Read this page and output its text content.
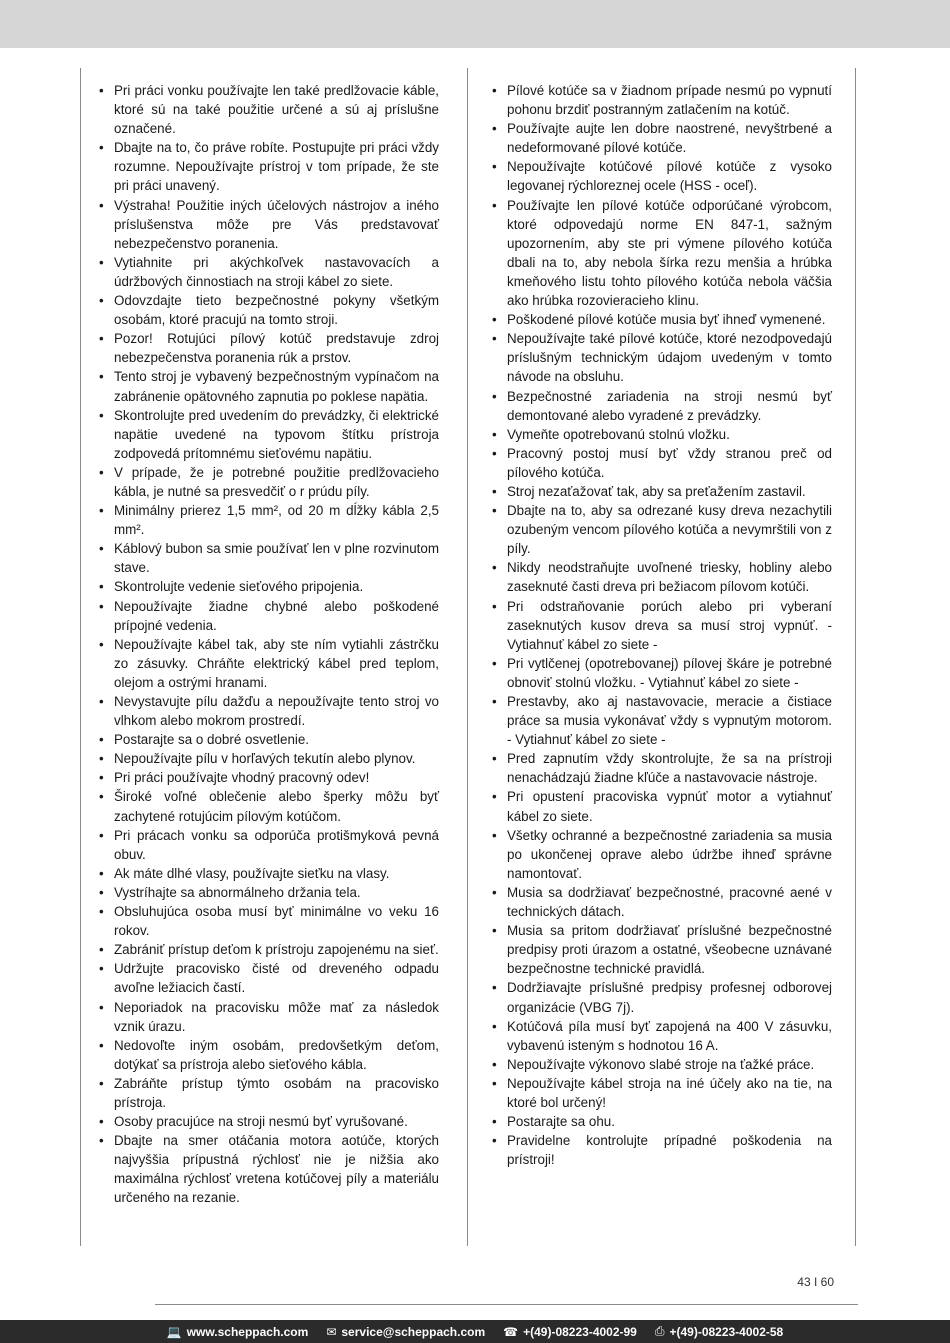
• Pri práci vonku používajte len také predlžovacie káble, ktoré sú na také použitie určené a sú aj príslušne označené.
• Dbajte na to, čo práve robíte. Postupujte pri práci vždy rozumne. Nepoužívajte prístroj v tom prípade, že ste pri práci unavený.
• Výstraha! Použitie iných účelových nástrojov a iného príslušenstva môže pre Vás predstavovať nebezpečenstvo poranenia.
• Vytiahnite pri akýchkoľvek nastavovacích a údržbových činnostiach na stroji kábel zo siete.
• Odovzdajte tieto bezpečnostné pokyny všetkým osobám, ktoré pracujú na tomto stroji.
• Pozor! Rotujúci pílový kotúč predstavuje zdroj nebezpečenstva poranenia rúk a prstov.
• Tento stroj je vybavený bezpečnostným vypínačom na zabránenie opätovného zapnutia po poklese napätia.
• Skontrolujte pred uvedením do prevádzky, či elektrické napätie uvedené na typovom štítku prístroja zodpovedá prítomnému sieťovému napätiu.
• V prípade, že je potrebné použitie predlžovacieho kábla, je nutné sa presvedčiť o r prúdu píly.
• Minimálny prierez 1,5 mm², od 20 m dĺžky kábla 2,5 mm².
• Káblový bubon sa smie používať len v plne rozvinutom stave.
• Skontrolujte vedenie sieťového pripojenia.
• Nepoužívajte žiadne chybné alebo poškodené prípojné vedenia.
• Nepoužívajte kábel tak, aby ste ním vytiahli zástrčku zo zásuvky. Chráňte elektrický kábel pred teplom, olejom a ostrými hranami.
• Nevystavujte pílu dažďu a nepoužívajte tento stroj vo vlhkom alebo mokrom prostredí.
• Postarajte sa o dobré osvetlenie.
• Nepoužívajte pílu v horľavých tekutín alebo plynov.
• Pri práci používajte vhodný pracovný odev!
• Široké voľné oblečenie alebo šperky môžu byť zachytené rotujúcim pílovým kotúčom.
• Pri prácach vonku sa odporúča protišmyková pevná obuv.
• Ak máte dlhé vlasy, používajte sieťku na vlasy.
• Vystríhajte sa abnormálneho držania tela.
• Obsluhujúca osoba musí byť minimálne vo veku 16 rokov.
• Zabrániť prístup deťom k prístroju zapojenému na sieť.
• Udržujte pracovisko čisté od dreveného odpadu avoľne ležiacich častí.
• Neporiadok na pracovisku môže mať za následok vznik úrazu.
• Nedovoľte iným osobám, predovšetkým deťom, dotýkať sa prístroja alebo sieťového kábla.
• Zabráňte prístup týmto osobám na pracovisko prístroja.
• Osoby pracujúce na stroji nesmú byť vyrušované.
• Dbajte na smer otáčania motora aotúče, ktorých najvyššia prípustná rýchlosť nie je nižšia ako maximálna rýchlosť vretena kotúčovej píly a materiálu určeného na rezanie.
• Pílové kotúče sa v žiadnom prípade nesmú po vypnutí pohonu brzdiť postranným zatlačením na kotúč.
• Používajte aujte len dobre naostrené, nevyštrbené a nedeformované pílové kotúče.
• Nepoužívajte kotúčové pílové kotúče z vysoko legovanej rýchloreznej ocele (HSS - oceľ).
• Používajte len pílové kotúče odporúčané výrobcom, ktoré odpovedajú norme EN 847-1, sažným upozornením, aby ste pri výmene pílového kotúča dbali na to, aby nebola šírka rezu menšia a hrúbka kmeňového listu tohto pílového kotúča nebola väčšia ako hrúbka rozovieracieho klinu.
• Poškodené pílové kotúče musia byť ihneď vymenené.
• Nepoužívajte také pílové kotúče, ktoré nezodpovedajú príslušným technickým údajom uvedeným v tomto návode na obsluhu.
• Bezpečnostné zariadenia na stroji nesmú byť demontované alebo vyradené z prevádzky.
• Vymeňte opotrebovanú stolnú vložku.
• Pracovný postoj musí byť vždy stranou preč od pílového kotúča.
• Stroj nezaťažovať tak, aby sa preťažením zastavil.
• Dbajte na to, aby sa odrezané kusy dreva nezachytili ozubeným vencom pílového kotúča a nevymrštili von z píly.
• Nikdy neodstraňujte uvoľnené triesky, hobliny alebo zaseknuté časti dreva pri bežiacom pílovom kotúči.
• Pri odstraňovanie porúch alebo pri vyberaní zaseknutých kusov dreva sa musí stroj vypnúť. - Vytiahnuť kábel zo siete -
• Pri vytlčenej (opotrebovanej) pílovej škáre je potrebné obnoviť stolnú vložku. - Vytiahnuť kábel zo siete -
• Prestavby, ako aj nastavovacie, meracie a čistiace práce sa musia vykonávať vždy s vypnutým motorom. - Vytiahnuť kábel zo siete -
• Pred zapnutím vždy skontrolujte, že sa na prístroji nenachádzajú žiadne kľúče a nastavovacie nástroje.
• Pri opustení pracoviska vypnúť motor a vytiahnuť kábel zo siete.
• Všetky ochranné a bezpečnostné zariadenia sa musia po ukončenej oprave alebo údržbe ihneď správne namontovať.
• Musia sa dodržiavať bezpečnostné, pracovné aené v technických dátach.
• Musia sa pritom dodržiavať príslušné bezpečnostné predpisy proti úrazom a ostatné, všeobecne uznávané bezpečnostne technické pravidlá.
• Dodržiavajte príslušné predpisy profesnej odborovej organizácie (VBG 7j).
• Kotúčová píla musí byť zapojená na 400 V zásuvku, vybavenú isteným s hodnotou 16 A.
• Nepoužívajte výkonovo slabé stroje na ťažké práce.
• Nepoužívajte kábel stroja na iné účely ako na tie, na ktoré bol určený!
• Postarajte sa ohu.
• Pravidelne kontrolujte prípadné poškodenia na prístroji!
43 I 60
💻 www.scheppach.com ✉ service@scheppach.com ☎ +(49)-08223-4002-99 ⎙ +(49)-08223-4002-58
